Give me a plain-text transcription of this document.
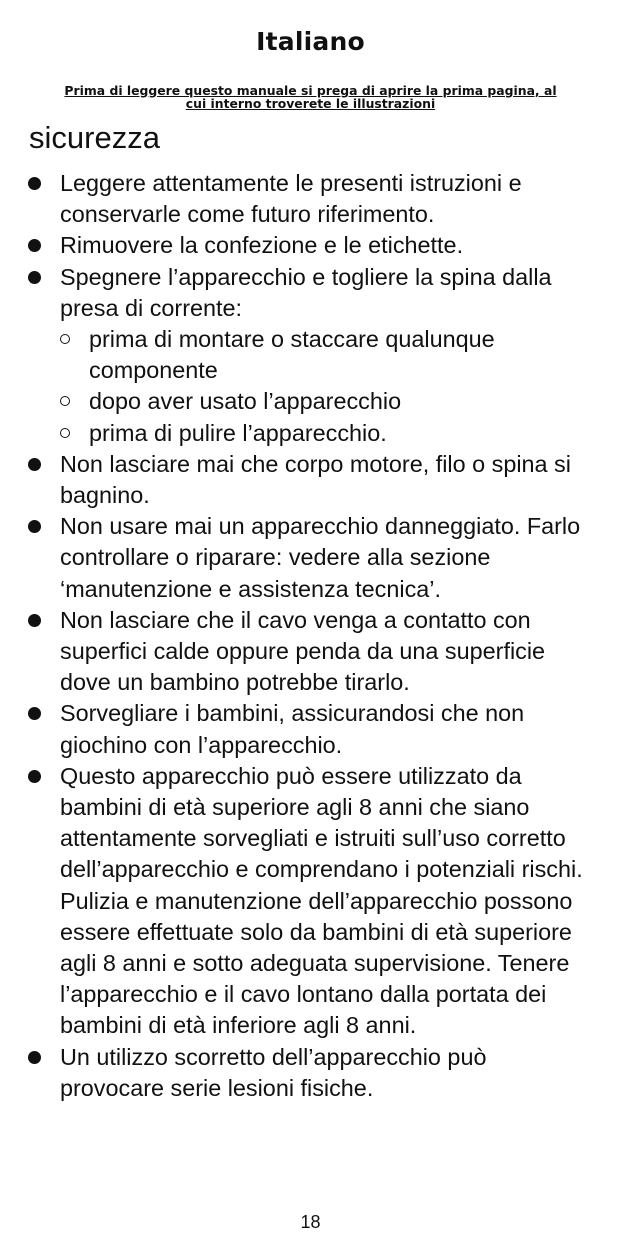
Italiano
Prima di leggere questo manuale si prega di aprire la prima pagina, al
cui interno troverete le illustrazioni
sicurezza
Leggere attentamente le presenti istruzioni e conservarle come futuro riferimento.
Rimuovere la confezione e le etichette.
Spegnere l’apparecchio e togliere la spina dalla presa di corrente:
prima di montare o staccare qualunque componente
dopo aver usato l’apparecchio
prima di pulire l’apparecchio.
Non lasciare mai che corpo motore, filo o spina si bagnino.
Non usare mai un apparecchio danneggiato. Farlo controllare o riparare: vedere alla sezione ‘manutenzione e assistenza tecnica’.
Non lasciare che il cavo venga a contatto con superfici calde oppure penda da una superficie dove un bambino potrebbe tirarlo.
Sorvegliare i bambini, assicurandosi che non giochino con l’apparecchio.
Questo apparecchio può essere utilizzato da bambini di età superiore agli 8 anni che siano attentamente sorvegliati e istruiti sull’uso corretto dell’apparecchio e comprendano i potenziali rischi. Pulizia e manutenzione dell’apparecchio possono essere effettuate solo da bambini di età superiore agli 8 anni e sotto adeguata supervisione. Tenere l’apparecchio e il cavo lontano dalla portata dei bambini di età inferiore agli 8 anni.
Un utilizzo scorretto dell’apparecchio può provocare serie lesioni fisiche.
18
